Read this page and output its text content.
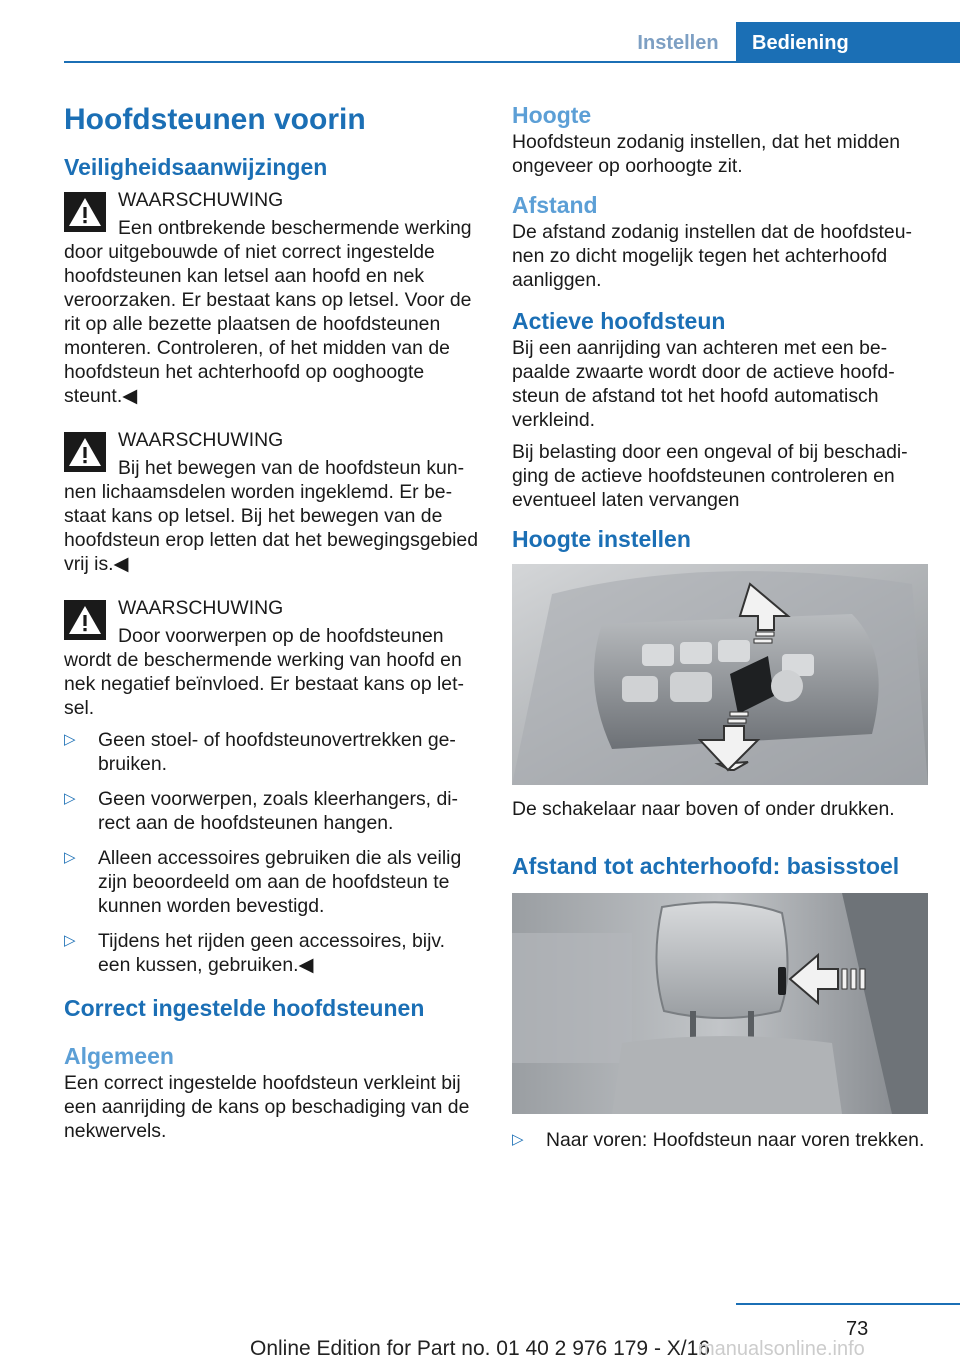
Instellen	Bediening
Hoofdsteunen voorin
Veiligheidsaanwijzingen

WAARSCHUWING

Een ontbrekende beschermende werking door uitgebouwde of niet correct ingestelde hoofdsteunen kan letsel aan hoofd en nek veroorzaken. Er bestaat kans op letsel. Voor de rit op alle bezette plaatsen de hoofdsteunen monteren. Controleren, of het midden van de hoofdsteun het achterhoofd op ooghoogte steunt.◀

WAARSCHUWING

Bij het bewegen van de hoofdsteun kunnen lichaamsdelen worden ingeklemd. Er bestaat kans op letsel. Bij het bewegen van de hoofdsteun erop letten dat het bewegingsgebied vrij is.◀

WAARSCHUWING

Door voorwerpen op de hoofdsteunen wordt de beschermende werking van hoofd en nek negatief beïnvloed. Er bestaat kans op letsel.

▷	Geen stoel- of hoofdsteunovertrekken gebruiken.
▷	Geen voorwerpen, zoals kleerhangers, direct aan de hoofdsteunen hangen.
▷	Alleen accessoires gebruiken die als veilig zijn beoordeeld om aan de hoofdsteun te kunnen worden bevestigd.
▷	Tijdens het rijden geen accessoires, bijv. een kussen, gebruiken.◀
Correct ingestelde hoofdsteunen
Algemeen

Een correct ingestelde hoofdsteun verkleint bij een aanrijding de kans op beschadiging van de nekwervels.

Hoogte

Hoofdsteun zodanig instellen, dat het midden ongeveer op oorhoogte zit.

Afstand

De afstand zodanig instellen dat de hoofdsteunen zo dicht mogelijk tegen het achterhoofd aanliggen.

Actieve hoofdsteun

Bij een aanrijding van achteren met een bepaalde zwaarte wordt door de actieve hoofdsteun de afstand tot het hoofd automatisch verkleind.

Bij belasting door een ongeval of bij beschadiging de actieve hoofdsteunen controleren en eventueel laten vervangen

Hoogte instellen

De schakelaar naar boven of onder drukken.

Afstand tot achterhoofd: basisstoel
▷	Naar voren: Hoofdsteun naar voren trekken.
73
Online Edition for Part no. 01 40 2 976 179 - X/16
manualsonline.info
